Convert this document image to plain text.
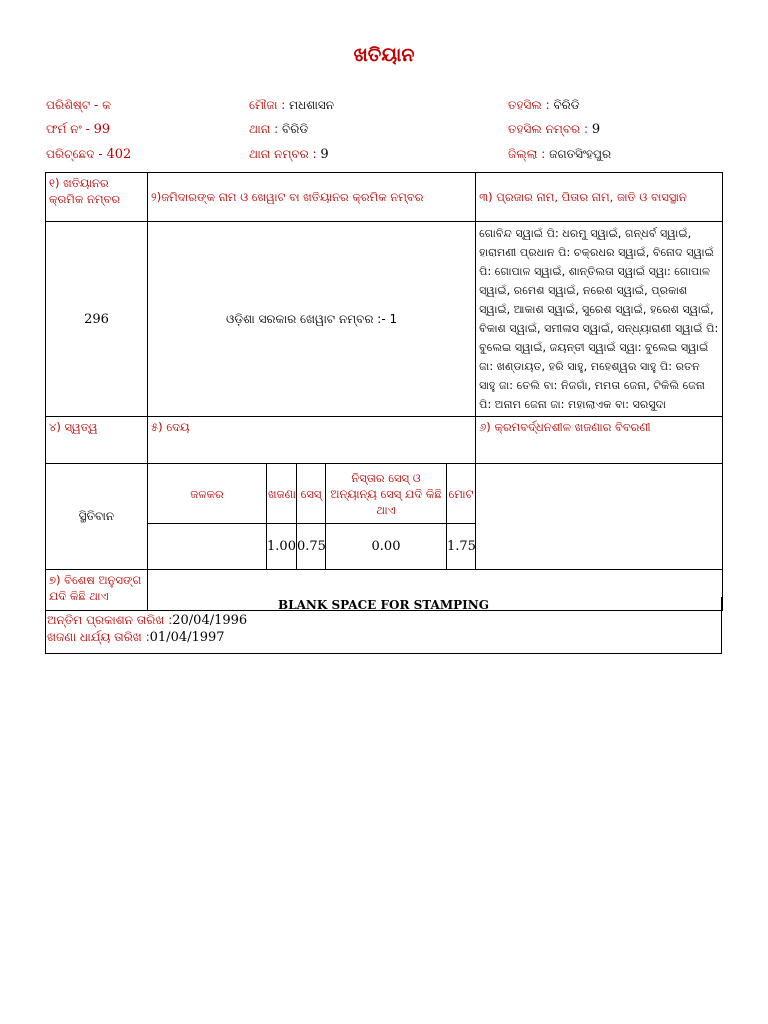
ଖତିୟାନ
ପରିଶିଷ୍ଟ - କ	ମୌଜା : ମଧଶାସନ	ତହସିଲ : ବିରିଡି
ଫର୍ମ ନଂ - 99	ଥାନା : ବିରିଡି	ତହସିଲ ନମ୍ବର : 9
ପରିଚ୍ଛେଦ - 402	ଥାନା ନମ୍ବର : 9	ଜିଲ୍ଲା : ଜଗତସିଂହପୁର
୧) ଖତିୟାନର କ୍ରମିକ ନମ୍ବର	୨)ଜମିଦାରଙ୍କ ନାମ ଓ ଖେୱାଟ ବା ଖତିୟାନର କ୍ରମିକ ନମ୍ବର					୩) ପ୍ରଜାର ନାମ, ପିତାର ନାମ, ଜାତି ଓ ବାସସ୍ଥାନ
296	ଓଡ଼ିଶା ସରକାର ଖେୱାଟ ନମ୍ବର :- 1					ଗୋବିନ୍ଦ ସ୍ୱାଇଁ ପି: ଧରମୁ ସ୍ୱାଇଁ, ଗନ୍ଧର୍ବ ସ୍ୱାଇଁ, ହାରାମଣୀ ପ୍ରଧାନ ପି: ଚକ୍ରଧର ସ୍ୱାଇଁ, ବିନୋଦ ସ୍ୱାଇଁ ପି: ଗୋପାଳ ସ୍ୱାଇଁ, ଶାନ୍ତିଲତା ସ୍ୱାଇଁ ସ୍ୱା: ଗୋପାଳ ସ୍ୱାଇଁ, ରମେଶ ସ୍ୱାଇଁ, ନରେଶ ସ୍ୱାଇଁ, ପ୍ରକାଶ ସ୍ୱାଇଁ, ଆକାଶ ସ୍ୱାଇଁ, ସୁରେଶ ସ୍ୱାଇଁ, ହରେଶ ସ୍ୱାଇଁ, ବିକାଶ ସ୍ୱାଇଁ, ସମୀଳାସ ସ୍ୱାଇଁ, ସନ୍ଧ୍ୟାରାଣୀ ସ୍ୱାଇଁ ପି: ବୁଲେଇ ସ୍ୱାଇଁ, ଜୟନ୍ତୀ ସ୍ୱାଇଁ ସ୍ୱା: ବୁଲେଇ ସ୍ୱାଇଁ ଜା: ଖଣ୍ଡାୟତ, ହରି ସାହୁ, ମହେଶ୍ୱର ସାହୁ ପି: ରତନ ସାହୁ ଜା: ତେଲି ବା: ନିଜଗାଁ, ମମତା ଜେନା, ଟିକିଲି ଜେନା ପି: ଅନାମ ଜେନା ଜା: ମହାଲାଏକ ବା: ସରସୁଦା
୪) ସ୍ୱତ୍ୱ	୫) ଦେୟ					୬) କ୍ରମବର୍ଦ୍ଧନଶୀଳ ଖଜଣାର ବିବରଣୀ
ସ୍ଥିତିବାନ	ଜଳକର	ଖଜଣା	ସେସ୍	ନିସ୍ତାର ସେସ୍ ଓ ଅନ୍ୟାନ୍ୟ ସେସ୍ ଯଦି କିଛି ଥାଏ	ମୋଟ	
		1.00	0.75	0.00	1.75	
୭) ବିଶେଷ ଅନୁସଙ୍ଗ ଯଦି କିଛି ଥାଏ						
BLANK SPACE FOR STAMPING
ଅନ୍ତିମ ପ୍ରକାଶନ ତାରିଖ :20/04/1996
ଖଜଣା ଧାର୍ଯ୍ୟ ତାରିଖ :01/04/1997
